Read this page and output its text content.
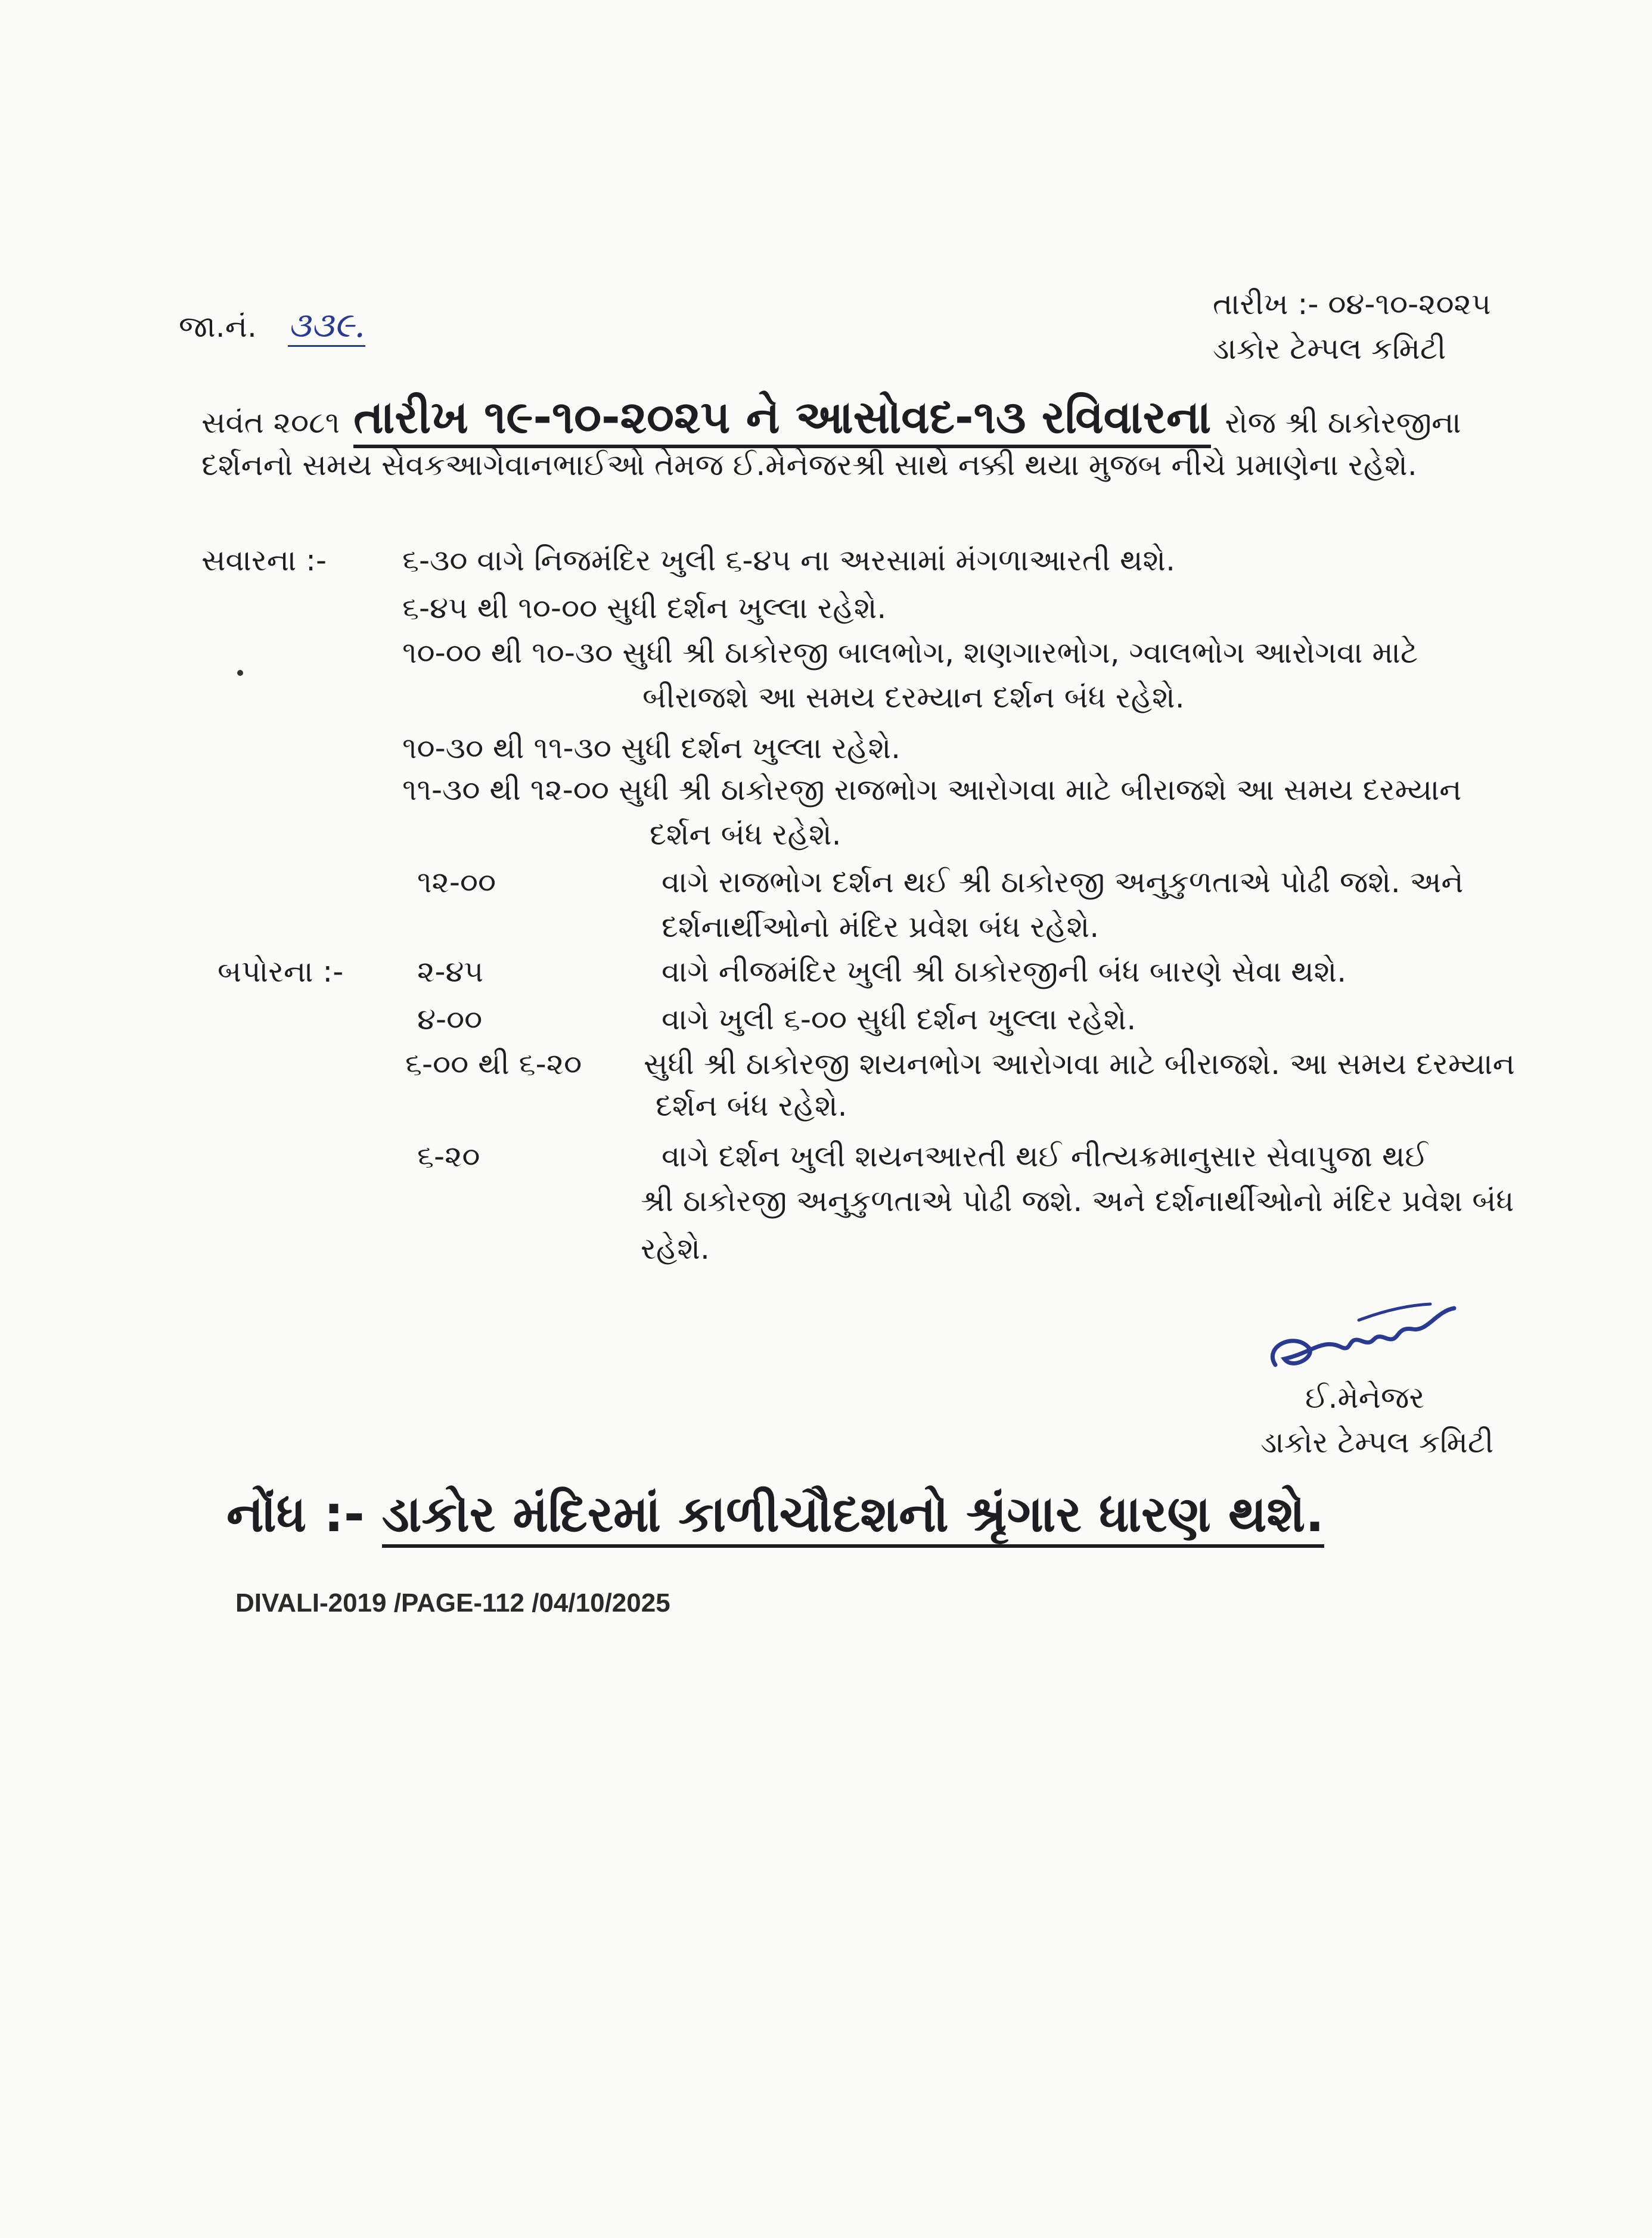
જા.નં. ૩૩૯.
તારીખ :- ૦૪-૧૦-૨૦૨૫
ડાકોર ટેમ્પલ કમિટી
સવંત ૨૦૮૧ તારીખ ૧૯-૧૦-૨૦૨૫ ને આસોવદ-૧૩ રવિવારના રોજ શ્રી ઠાકોરજીના
દર્શનનો સમય સેવકઆગેવાનભાઈઓ તેમજ ઈ.મેનેજરશ્રી સાથે નક્કી થયા મુજબ નીચે પ્રમાણેના રહેશે.
સવારના :-	૬-૩૦ વાગે નિજમંદિર ખુલી ૬-૪૫ ના અરસામાં મંગળાઆરતી થશે.
૬-૪૫ થી ૧૦-૦૦ સુધી દર્શન ખુલ્લા રહેશે.
૧૦-૦૦ થી ૧૦-૩૦ સુધી શ્રી ઠાકોરજી બાલભોગ, શણગારભોગ, ગ્વાલભોગ આરોગવા માટે
બીરાજશે આ સમય દરમ્યાન દર્શન બંધ રહેશે.
૧૦-૩૦ થી ૧૧-૩૦ સુધી દર્શન ખુલ્લા રહેશે.
૧૧-૩૦ થી ૧૨-૦૦ સુધી શ્રી ઠાકોરજી રાજભોગ આરોગવા માટે બીરાજશે આ સમય દરમ્યાન
દર્શન બંધ રહેશે.
૧૨-૦૦	વાગે રાજભોગ દર્શન થઈ શ્રી ઠાકોરજી અનુકુળતાએ પોઢી જશે. અને
દર્શનાર્થીઓનો મંદિર પ્રવેશ બંધ રહેશે.
બપોરના :- ૨-૪૫	વાગે નીજમંદિર ખુલી શ્રી ઠાકોરજીની બંધ બારણે સેવા થશે.
૪-૦૦	વાગે ખુલી ૬-૦૦ સુધી દર્શન ખુલ્લા રહેશે.
૬-૦૦ થી ૬-૨૦ સુધી શ્રી ઠાકોરજી શયનભોગ આરોગવા માટે બીરાજશે. આ સમય દરમ્યાન
દર્શન બંધ રહેશે.
૬-૨૦	વાગે દર્શન ખુલી શયનઆરતી થઈ નીત્યક્રમાનુસાર સેવાપુજા થઈ
શ્રી ઠાકોરજી અનુકુળતાએ પોઢી જશે. અને દર્શનાર્થીઓનો મંદિર પ્રવેશ બંધ
રહેશે.
ઈ.મેનેજર
ડાકોર ટેમ્પલ કમિટી
નોંધ :- ડાકોર મંદિરમાં કાળીચૌદશનો શ્રૃંગાર ધારણ થશે.
DIVALI-2019 /PAGE-112 /04/10/2025
